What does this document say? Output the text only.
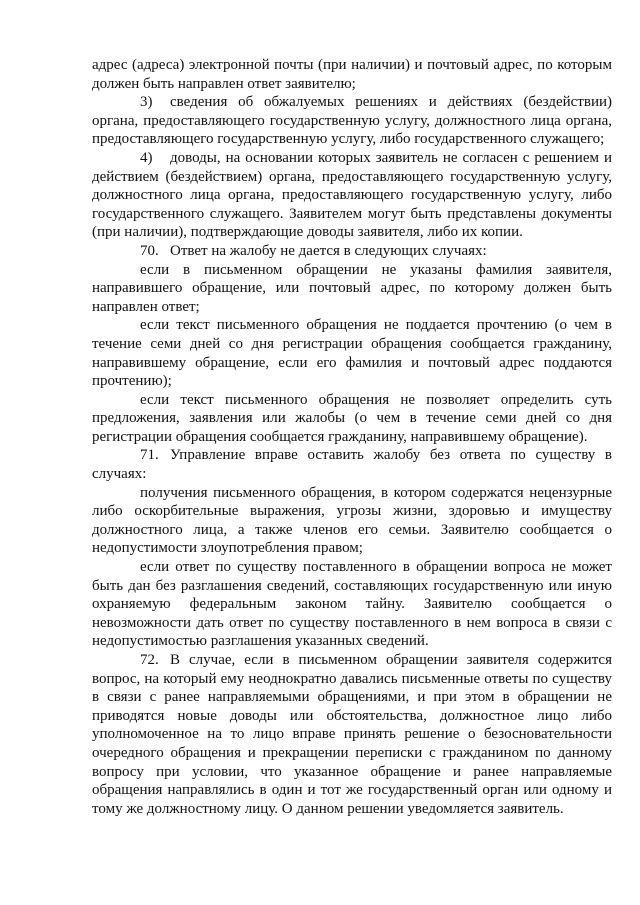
адрес (адреса) электронной почты (при наличии) и почтовый адрес, по которым должен быть направлен ответ заявителю;

3) сведения об обжалуемых решениях и действиях (бездействии) органа, предоставляющего государственную услугу, должностного лица органа, предоставляющего государственную услугу, либо государственного служащего;

4) доводы, на основании которых заявитель не согласен с решением и действием (бездействием) органа, предоставляющего государственную услугу, должностного лица органа, предоставляющего государственную услугу, либо государственного служащего. Заявителем могут быть представлены документы (при наличии), подтверждающие доводы заявителя, либо их копии.

70. Ответ на жалобу не дается в следующих случаях:

если в письменном обращении не указаны фамилия заявителя, направившего обращение, или почтовый адрес, по которому должен быть направлен ответ;

если текст письменного обращения не поддается прочтению (о чем в течение семи дней со дня регистрации обращения сообщается гражданину, направившему обращение, если его фамилия и почтовый адрес поддаются прочтению);

если текст письменного обращения не позволяет определить суть предложения, заявления или жалобы (о чем в течение семи дней со дня регистрации обращения сообщается гражданину, направившему обращение).

71. Управление вправе оставить жалобу без ответа по существу в случаях:

получения письменного обращения, в котором содержатся нецензурные либо оскорбительные выражения, угрозы жизни, здоровью и имуществу должностного лица, а также членов его семьи. Заявителю сообщается о недопустимости злоупотребления правом;

если ответ по существу поставленного в обращении вопроса не может быть дан без разглашения сведений, составляющих государственную или иную охраняемую федеральным законом тайну. Заявителю сообщается о невозможности дать ответ по существу поставленного в нем вопроса в связи с недопустимостью разглашения указанных сведений.

72. В случае, если в письменном обращении заявителя содержится вопрос, на который ему неоднократно давались письменные ответы по существу в связи с ранее направляемыми обращениями, и при этом в обращении не приводятся новые доводы или обстоятельства, должностное лицо либо уполномоченное на то лицо вправе принять решение о безосновательности очередного обращения и прекращении переписки с гражданином по данному вопросу при условии, что указанное обращение и ранее направляемые обращения направлялись в один и тот же государственный орган или одному и тому же должностному лицу. О данном решении уведомляется заявитель.
